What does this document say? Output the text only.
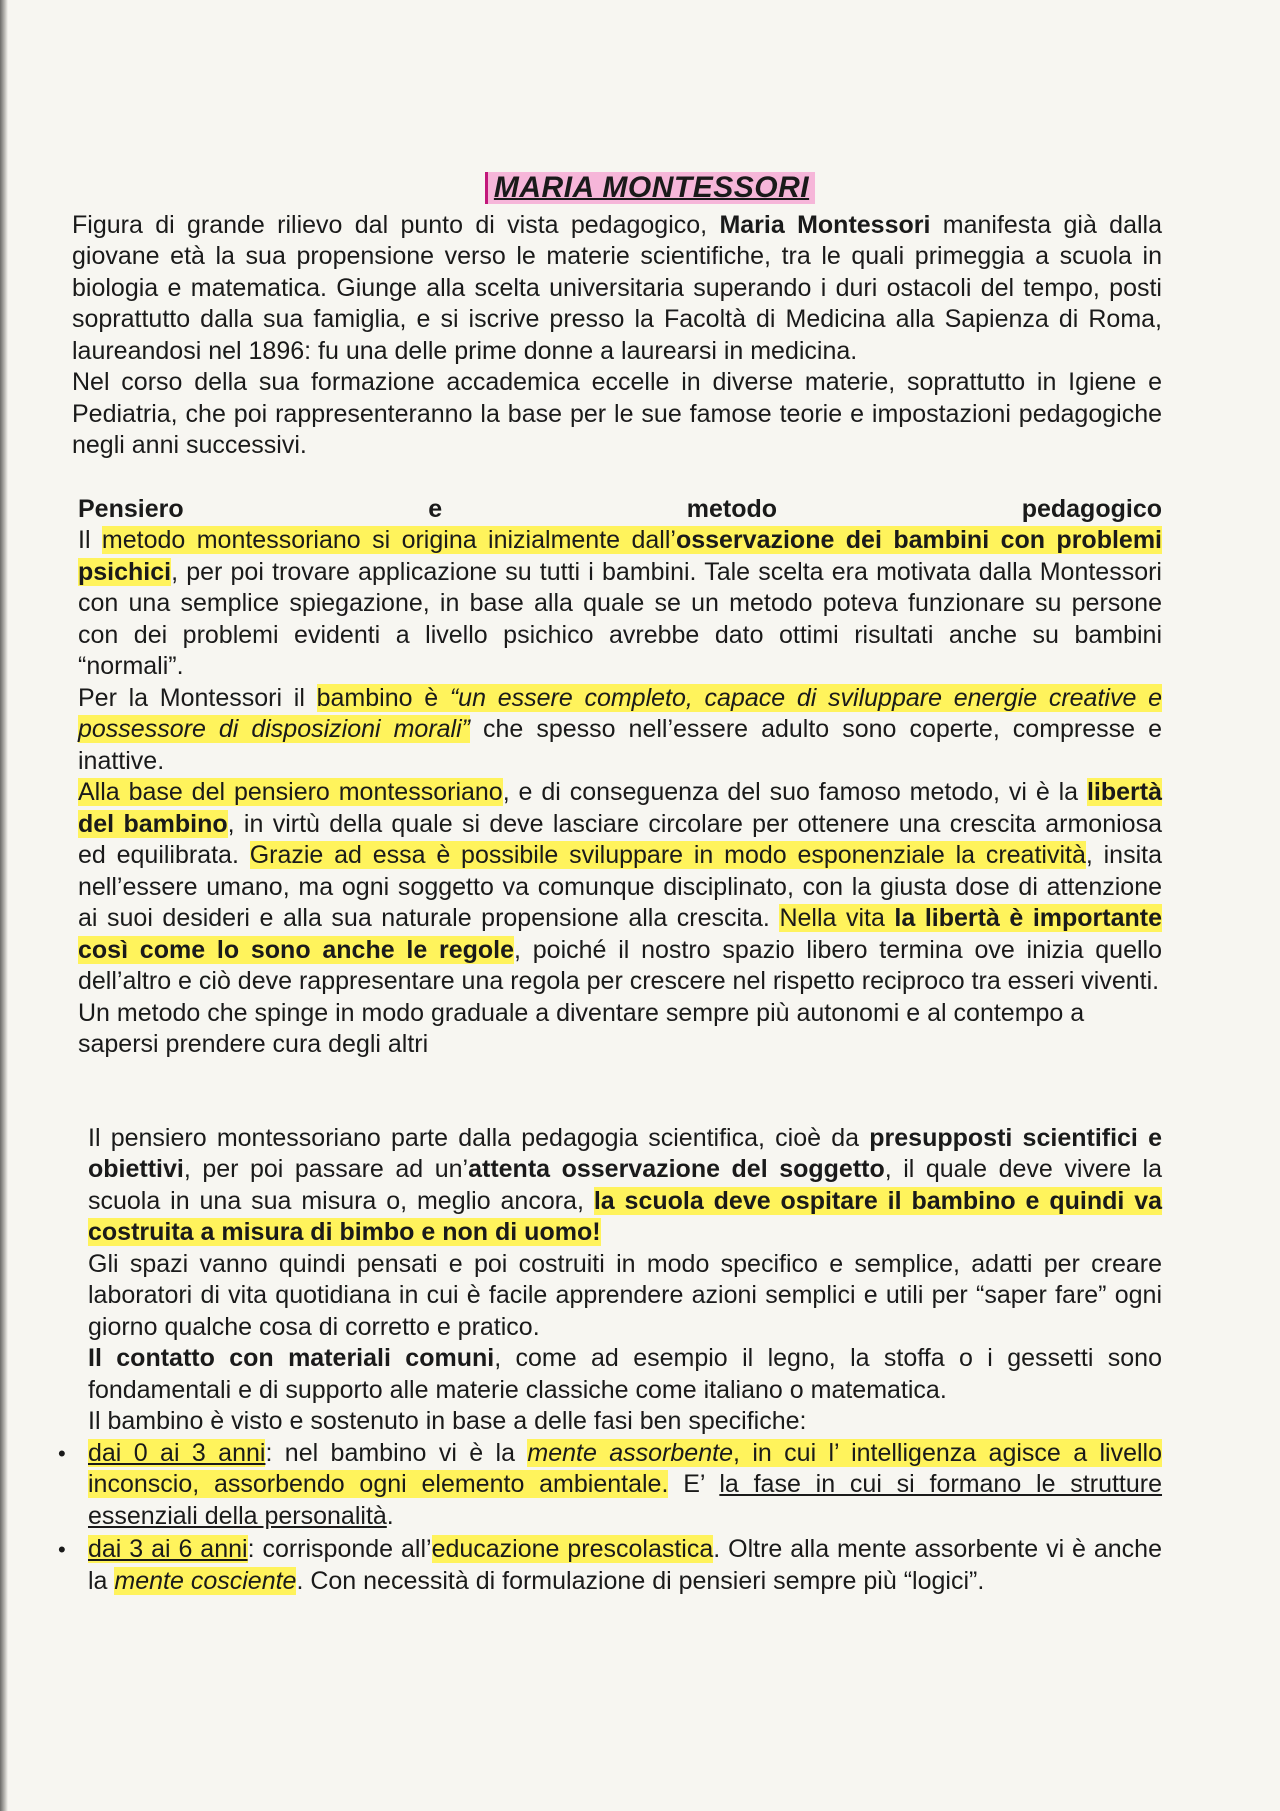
MARIA MONTESSORI

Figura di grande rilievo dal punto di vista pedagogico, Maria Montessori manifesta già dalla giovane età la sua propensione verso le materie scientifiche, tra le quali primeggia a scuola in biologia e matematica. Giunge alla scelta universitaria superando i duri ostacoli del tempo, posti soprattutto dalla sua famiglia, e si iscrive presso la Facoltà di Medicina alla Sapienza di Roma, laureandosi nel 1896: fu una delle prime donne a laurearsi in medicina.

Nel corso della sua formazione accademica eccelle in diverse materie, soprattutto in Igiene e Pediatria, che poi rappresenteranno la base per le sue famose teorie e impostazioni pedagogiche negli anni successivi.

Pensiero e metodo pedagogico

Il metodo montessoriano si origina inizialmente dall’osservazione dei bambini con problemi psichici, per poi trovare applicazione su tutti i bambini. Tale scelta era motivata dalla Montessori con una semplice spiegazione, in base alla quale se un metodo poteva funzionare su persone con dei problemi evidenti a livello psichico avrebbe dato ottimi risultati anche su bambini “normali”.

Per la Montessori il bambino è “un essere completo, capace di sviluppare energie creative e possessore di disposizioni morali” che spesso nell’essere adulto sono coperte, compresse e inattive.

Alla base del pensiero montessoriano, e di conseguenza del suo famoso metodo, vi è la libertà del bambino, in virtù della quale si deve lasciare circolare per ottenere una crescita armoniosa ed equilibrata. Grazie ad essa è possibile sviluppare in modo esponenziale la creatività, insita nell’essere umano, ma ogni soggetto va comunque disciplinato, con la giusta dose di attenzione ai suoi desideri e alla sua naturale propensione alla crescita. Nella vita la libertà è importante così come lo sono anche le regole, poiché il nostro spazio libero termina ove inizia quello dell’altro e ciò deve rappresentare una regola per crescere nel rispetto reciproco tra esseri viventi.

Un metodo che spinge in modo graduale a diventare sempre più autonomi e al contempo a sapersi prendere cura degli altri

Il pensiero montessoriano parte dalla pedagogia scientifica, cioè da presupposti scientifici e obiettivi, per poi passare ad un’attenta osservazione del soggetto, il quale deve vivere la scuola in una sua misura o, meglio ancora, la scuola deve ospitare il bambino e quindi va costruita a misura di bimbo e non di uomo!

Gli spazi vanno quindi pensati e poi costruiti in modo specifico e semplice, adatti per creare laboratori di vita quotidiana in cui è facile apprendere azioni semplici e utili per “saper fare” ogni giorno qualche cosa di corretto e pratico.

Il contatto con materiali comuni, come ad esempio il legno, la stoffa o i gessetti sono fondamentali e di supporto alle materie classiche come italiano o matematica.

Il bambino è visto e sostenuto in base a delle fasi ben specifiche:

• dai 0 ai 3 anni: nel bambino vi è la mente assorbente, in cui l’ intelligenza agisce a livello inconscio, assorbendo ogni elemento ambientale. E’ la fase in cui si formano le strutture essenziali della personalità.
• dai 3 ai 6 anni: corrisponde all’educazione prescolastica. Oltre alla mente assorbente vi è anche la mente cosciente. Con necessità di formulazione di pensieri sempre più “logici”.
